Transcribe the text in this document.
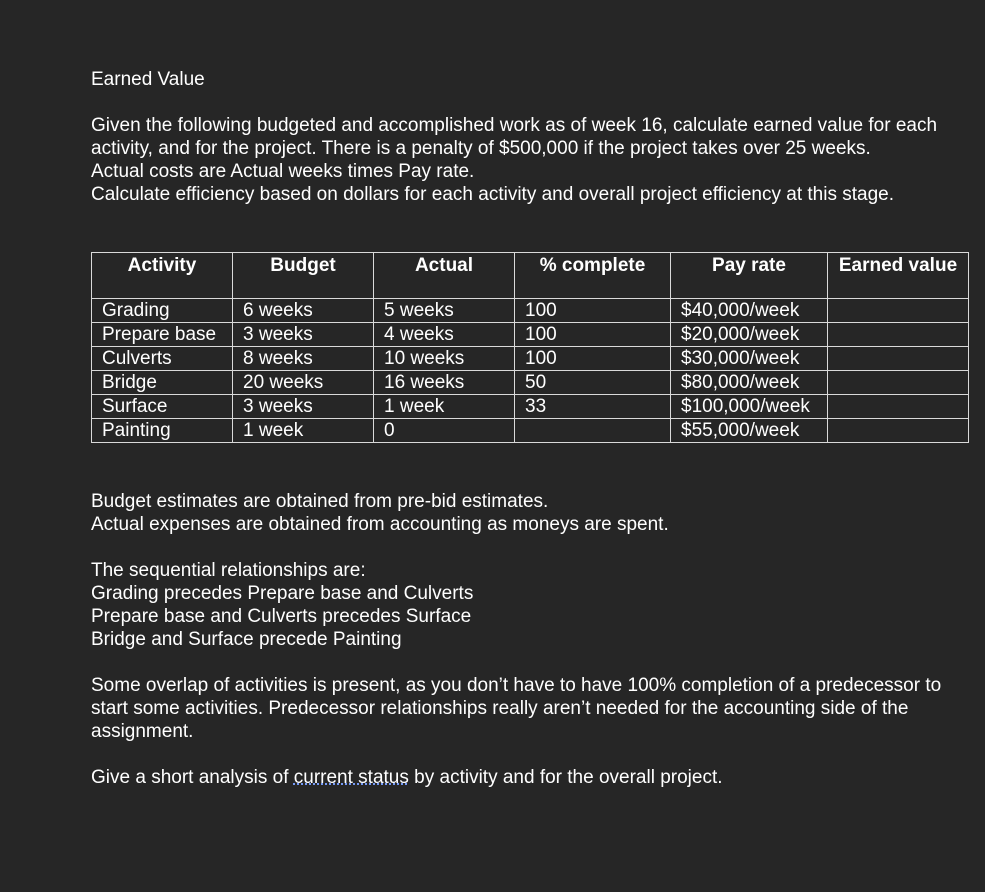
Earned Value

Given the following budgeted and accomplished work as of week 16, calculate earned value for each activity, and for the project. There is a penalty of $500,000 if the project takes over 25 weeks.

Actual costs are Actual weeks times Pay rate.

Calculate efficiency based on dollars for each activity and overall project efficiency at this stage.

Activity	Budget	Actual	% complete	Pay rate	Earned value
Grading	6 weeks	5 weeks	100	$40,000/week	
Prepare base	3 weeks	4 weeks	100	$20,000/week	
Culverts	8 weeks	10 weeks	100	$30,000/week	
Bridge	20 weeks	16 weeks	50	$80,000/week	
Surface	3 weeks	1 week	33	$100,000/week	
Painting	1 week	0		$55,000/week	

Budget estimates are obtained from pre-bid estimates.

Actual expenses are obtained from accounting as moneys are spent.

The sequential relationships are:

Grading precedes Prepare base and Culverts

Prepare base and Culverts precedes Surface

Bridge and Surface precede Painting

Some overlap of activities is present, as you don’t have to have 100% completion of a predecessor to start some activities. Predecessor relationships really aren’t needed for the accounting side of the assignment.

Give a short analysis of current status by activity and for the overall project.
